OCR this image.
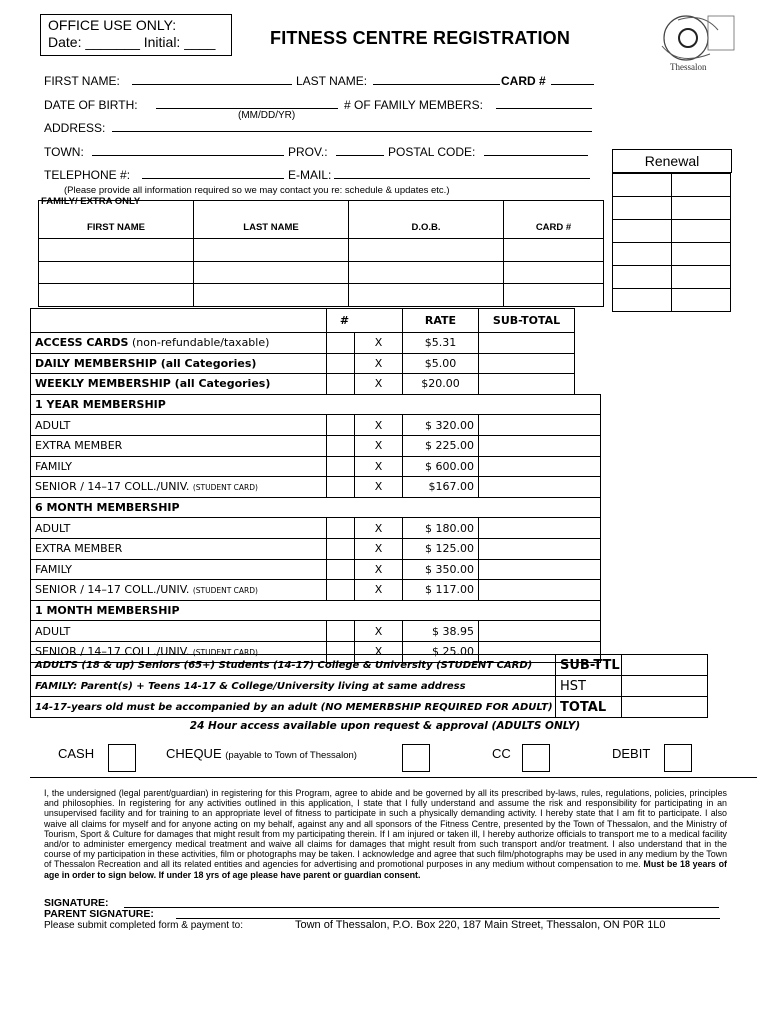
OFFICE USE ONLY:
Date: _______ Initial: ____	FITNESS CENTRE REGISTRATION
Thessalon
FIRST NAME:	LAST NAME:	CARD #
DATE OF BIRTH:
(MM/DD/YR)
# OF FAMILY MEMBERS:
ADDRESS:
TOWN:	PROV.:	POSTAL CODE:
TELEPHONE #:	E-MAIL:
(Please provide all information required so we may contact you re: schedule & updates etc.)
Renewal

FAMILY/ EXTRA ONLY
FIRST NAME	LAST NAME	D.O.B.	CARD #

	#		RATE	SUB-TOTAL	
ACCESS CARDS (non-refundable/taxable)		X	$5.31		
DAILY MEMBERSHIP (all Categories)		X	$5.00		
WEEKLY MEMBERSHIP (all Categories)		X	$20.00		
1 YEAR MEMBERSHIP					
ADULT		X	$ 320.00		
EXTRA MEMBER		X	$ 225.00		
FAMILY		X	$ 600.00		
SENIOR / 14–17 COLL./UNIV. (STUDENT CARD)		X	$167.00		
6 MONTH MEMBERSHIP					
ADULT		X	$ 180.00		
EXTRA MEMBER		X	$ 125.00		
FAMILY		X	$ 350.00		
SENIOR / 14–17 COLL./UNIV. (STUDENT CARD)		X	$ 117.00		
1 MONTH MEMBERSHIP					
ADULT		X	$ 38.95		
SENIOR / 14–17 COLL./UNIV. (STUDENT CARD)		X	$ 25.00		
ADULTS (18 & up) Seniors (65+) Students (14-17) College & University (STUDENT CARD)	SUB-TTL	
FAMILY: Parent(s) + Teens 14-17 & College/University living at same address	HST	
14-17-years old must be accompanied by an adult (NO MEMERBSHIP REQUIRED FOR ADULT)	TOTAL	
24 Hour access available upon request & approval (ADULTS ONLY)
CASH	CHEQUE (payable to Town of Thessalon)	CC	DEBIT
I, the undersigned (legal parent/guardian) in registering for this Program, agree to abide and be governed by all its prescribed by-laws, rules, regulations, policies, principles and philosophies. In registering for any activities outlined in this application, I state that I fully understand and assume the risk and responsibility for participating in an unsupervised facility and for training to an appropriate level of fitness to participate in such a physically demanding activity. I hereby state that I am fit to participate. I also waive all claims for myself and for anyone acting on my behalf, against any and all sponsors of the Fitness Centre, presented by the Town of Thessalon, and the Ministry of Tourism, Sport & Culture for damages that might result from my participating therein. If I am injured or taken ill, I hereby authorize officials to transport me to a medical facility and/or to administer emergency medical treatment and waive all claims for damages that might result from such transport and/or treatment. I also understand that in the course of my participation in these activities, film or photographs may be taken. I acknowledge and agree that such film/photographs may be used in any medium by the Town of Thessalon Recreation and all its related entities and agencies for advertising and promotional purposes in any medium without compensation to me. Must be 18 years of age in order to sign below. If under 18 yrs of age please have parent or guardian consent.
SIGNATURE:
PARENT SIGNATURE:
Please submit completed form & payment to:	Town of Thessalon, P.O. Box 220, 187 Main Street, Thessalon, ON P0R 1L0
